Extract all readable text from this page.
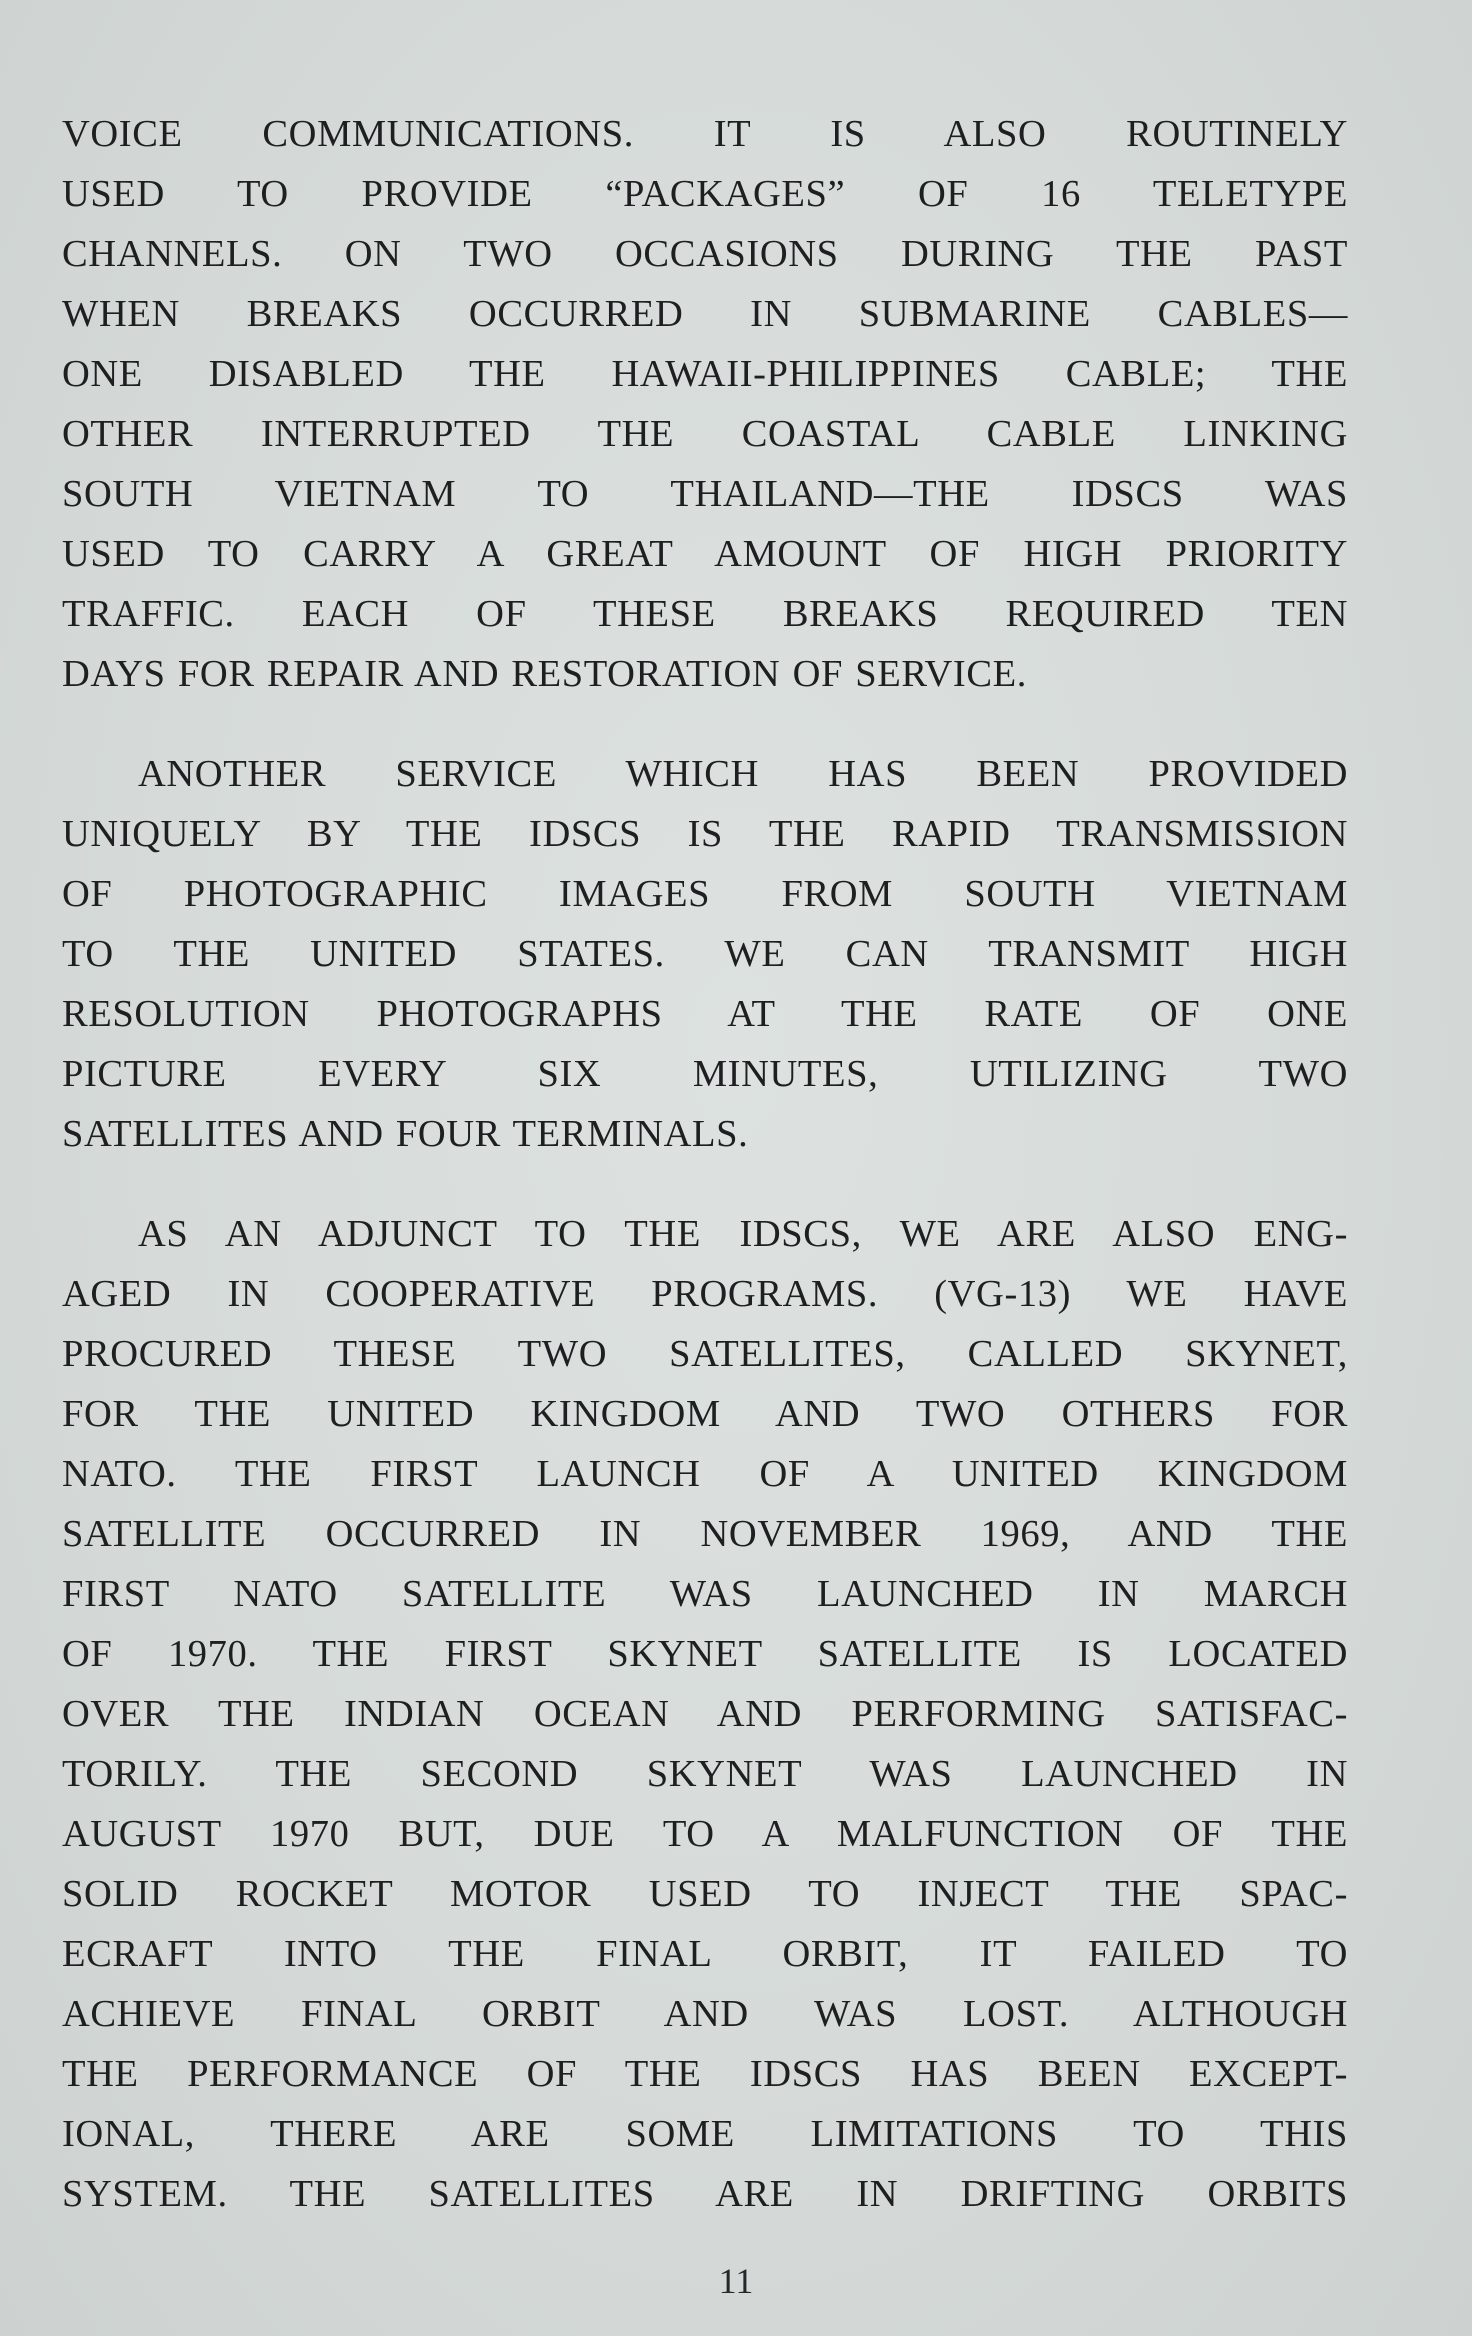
VOICE COMMUNICATIONS. IT IS ALSO ROUTINELY
USED TO PROVIDE “PACKAGES” OF 16 TELETYPE
CHANNELS. ON TWO OCCASIONS DURING THE PAST
WHEN BREAKS OCCURRED IN SUBMARINE CABLES—
ONE DISABLED THE HAWAII-PHILIPPINES CABLE; THE
OTHER INTERRUPTED THE COASTAL CABLE LINKING
SOUTH VIETNAM TO THAILAND—THE IDSCS WAS
USED TO CARRY A GREAT AMOUNT OF HIGH PRIORITY
TRAFFIC. EACH OF THESE BREAKS REQUIRED TEN
DAYS FOR REPAIR AND RESTORATION OF SERVICE.

ANOTHER SERVICE WHICH HAS BEEN PROVIDED
UNIQUELY BY THE IDSCS IS THE RAPID TRANSMISSION
OF PHOTOGRAPHIC IMAGES FROM SOUTH VIETNAM
TO THE UNITED STATES. WE CAN TRANSMIT HIGH
RESOLUTION PHOTOGRAPHS AT THE RATE OF ONE
PICTURE EVERY SIX MINUTES, UTILIZING TWO
SATELLITES AND FOUR TERMINALS.

AS AN ADJUNCT TO THE IDSCS, WE ARE ALSO ENG-
AGED IN COOPERATIVE PROGRAMS. (VG-13) WE HAVE
PROCURED THESE TWO SATELLITES, CALLED SKYNET,
FOR THE UNITED KINGDOM AND TWO OTHERS FOR
NATO. THE FIRST LAUNCH OF A UNITED KINGDOM
SATELLITE OCCURRED IN NOVEMBER 1969, AND THE
FIRST NATO SATELLITE WAS LAUNCHED IN MARCH
OF 1970. THE FIRST SKYNET SATELLITE IS LOCATED
OVER THE INDIAN OCEAN AND PERFORMING SATISFAC-
TORILY. THE SECOND SKYNET WAS LAUNCHED IN
AUGUST 1970 BUT, DUE TO A MALFUNCTION OF THE
SOLID ROCKET MOTOR USED TO INJECT THE SPAC-
ECRAFT INTO THE FINAL ORBIT, IT FAILED TO
ACHIEVE FINAL ORBIT AND WAS LOST. ALTHOUGH
THE PERFORMANCE OF THE IDSCS HAS BEEN EXCEPT-
IONAL, THERE ARE SOME LIMITATIONS TO THIS
SYSTEM. THE SATELLITES ARE IN DRIFTING ORBITS

11
